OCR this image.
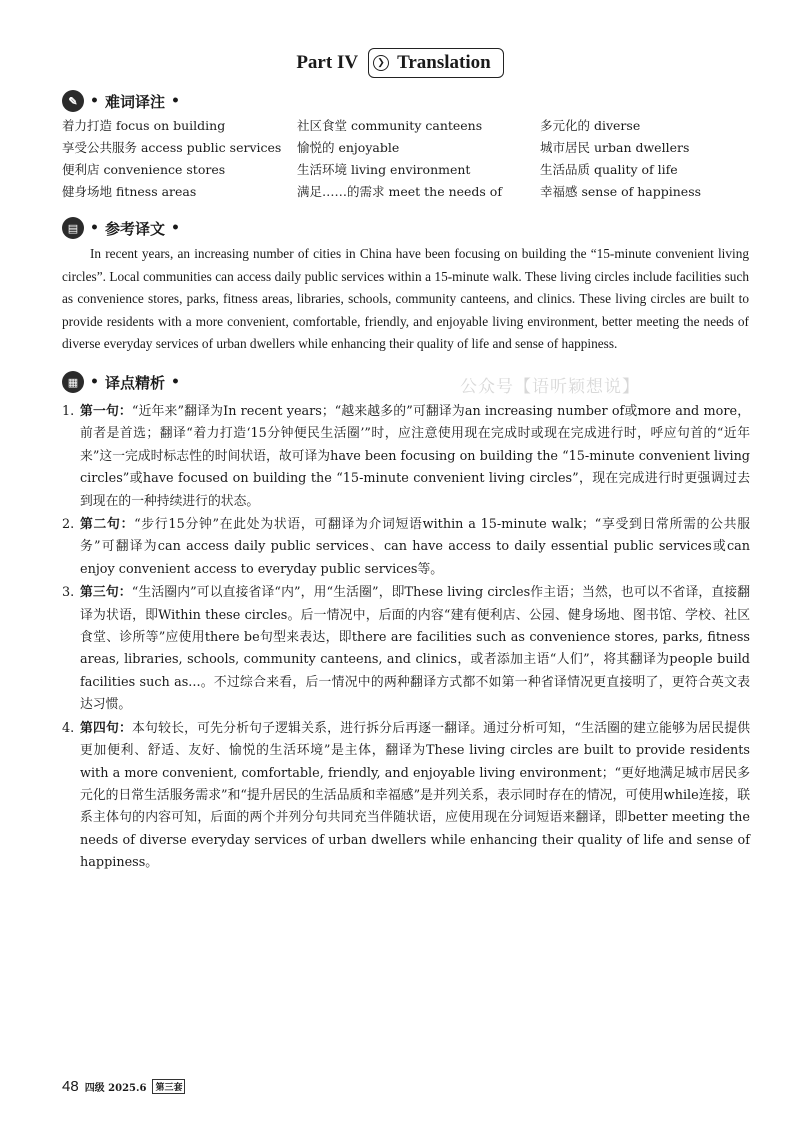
Part IV	❯ Translation
✎ • 难词译注 •
着力打造 focus on building	社区食堂 community canteens	多元化的 diverse
享受公共服务 access public services	愉悦的 enjoyable	城市居民 urban dwellers
便利店 convenience stores	生活环境 living environment	生活品质 quality of life
健身场地 fitness areas	满足……的需求 meet the needs of	幸福感 sense of happiness
▤ • 参考译文 •

In recent years, an increasing number of cities in China have been focusing on building the “15-minute convenient living circles”. Local communities can access daily public services within a 15-minute walk. These living circles include facilities such as convenience stores, parks, fitness areas, libraries, schools, community canteens, and clinics. These living circles are built to provide residents with a more convenient, comfortable, friendly, and enjoyable living environment, better meeting the needs of diverse everyday services of urban dwellers while enhancing their quality of life and sense of happiness.

▦ • 译点精析 •	公众号【语听颖想说】
1. 第一句：“近年来”翻译为In recent years；“越来越多的”可翻译为an increasing number of或more and more，前者是首选；翻译“着力打造‘15分钟便民生活圈’”时，应注意使用现在完成时或现在完成进行时，呼应句首的“近年来”这一完成时标志性的时间状语，故可译为have been focusing on building the “15-minute convenient living circles”或have focused on building the “15-minute convenient living circles”，现在完成进行时更强调过去到现在的一种持续进行的状态。
2. 第二句：“步行15分钟”在此处为状语，可翻译为介词短语within a 15-minute walk；“享受到日常所需的公共服务”可翻译为can access daily public services、can have access to daily essential public services或can enjoy convenient access to everyday public services等。
3. 第三句：“生活圈内”可以直接省译“内”，用“生活圈”，即These living circles作主语；当然，也可以不省译，直接翻译为状语，即Within these circles。后一情况中，后面的内容“建有便利店、公园、健身场地、图书馆、学校、社区食堂、诊所等”应使用there be句型来表达，即there are facilities such as convenience stores, parks, fitness areas, libraries, schools, community canteens, and clinics，或者添加主语“人们”，将其翻译为people build facilities such as...。不过综合来看，后一情况中的两种翻译方式都不如第一种省译情况更直接明了，更符合英文表达习惯。
4. 第四句：本句较长，可先分析句子逻辑关系，进行拆分后再逐一翻译。通过分析可知，“生活圈的建立能够为居民提供更加便利、舒适、友好、愉悦的生活环境”是主体，翻译为These living circles are built to provide residents with a more convenient, comfortable, friendly, and enjoyable living environment；“更好地满足城市居民多元化的日常生活服务需求”和“提升居民的生活品质和幸福感”是并列关系，表示同时存在的情况，可使用while连接，联系主体句的内容可知，后面的两个并列分句共同充当伴随状语，应使用现在分词短语来翻译，即better meeting the needs of diverse everyday services of urban dwellers while enhancing their quality of life and sense of happiness。
48 四级 2025.6	第三套
